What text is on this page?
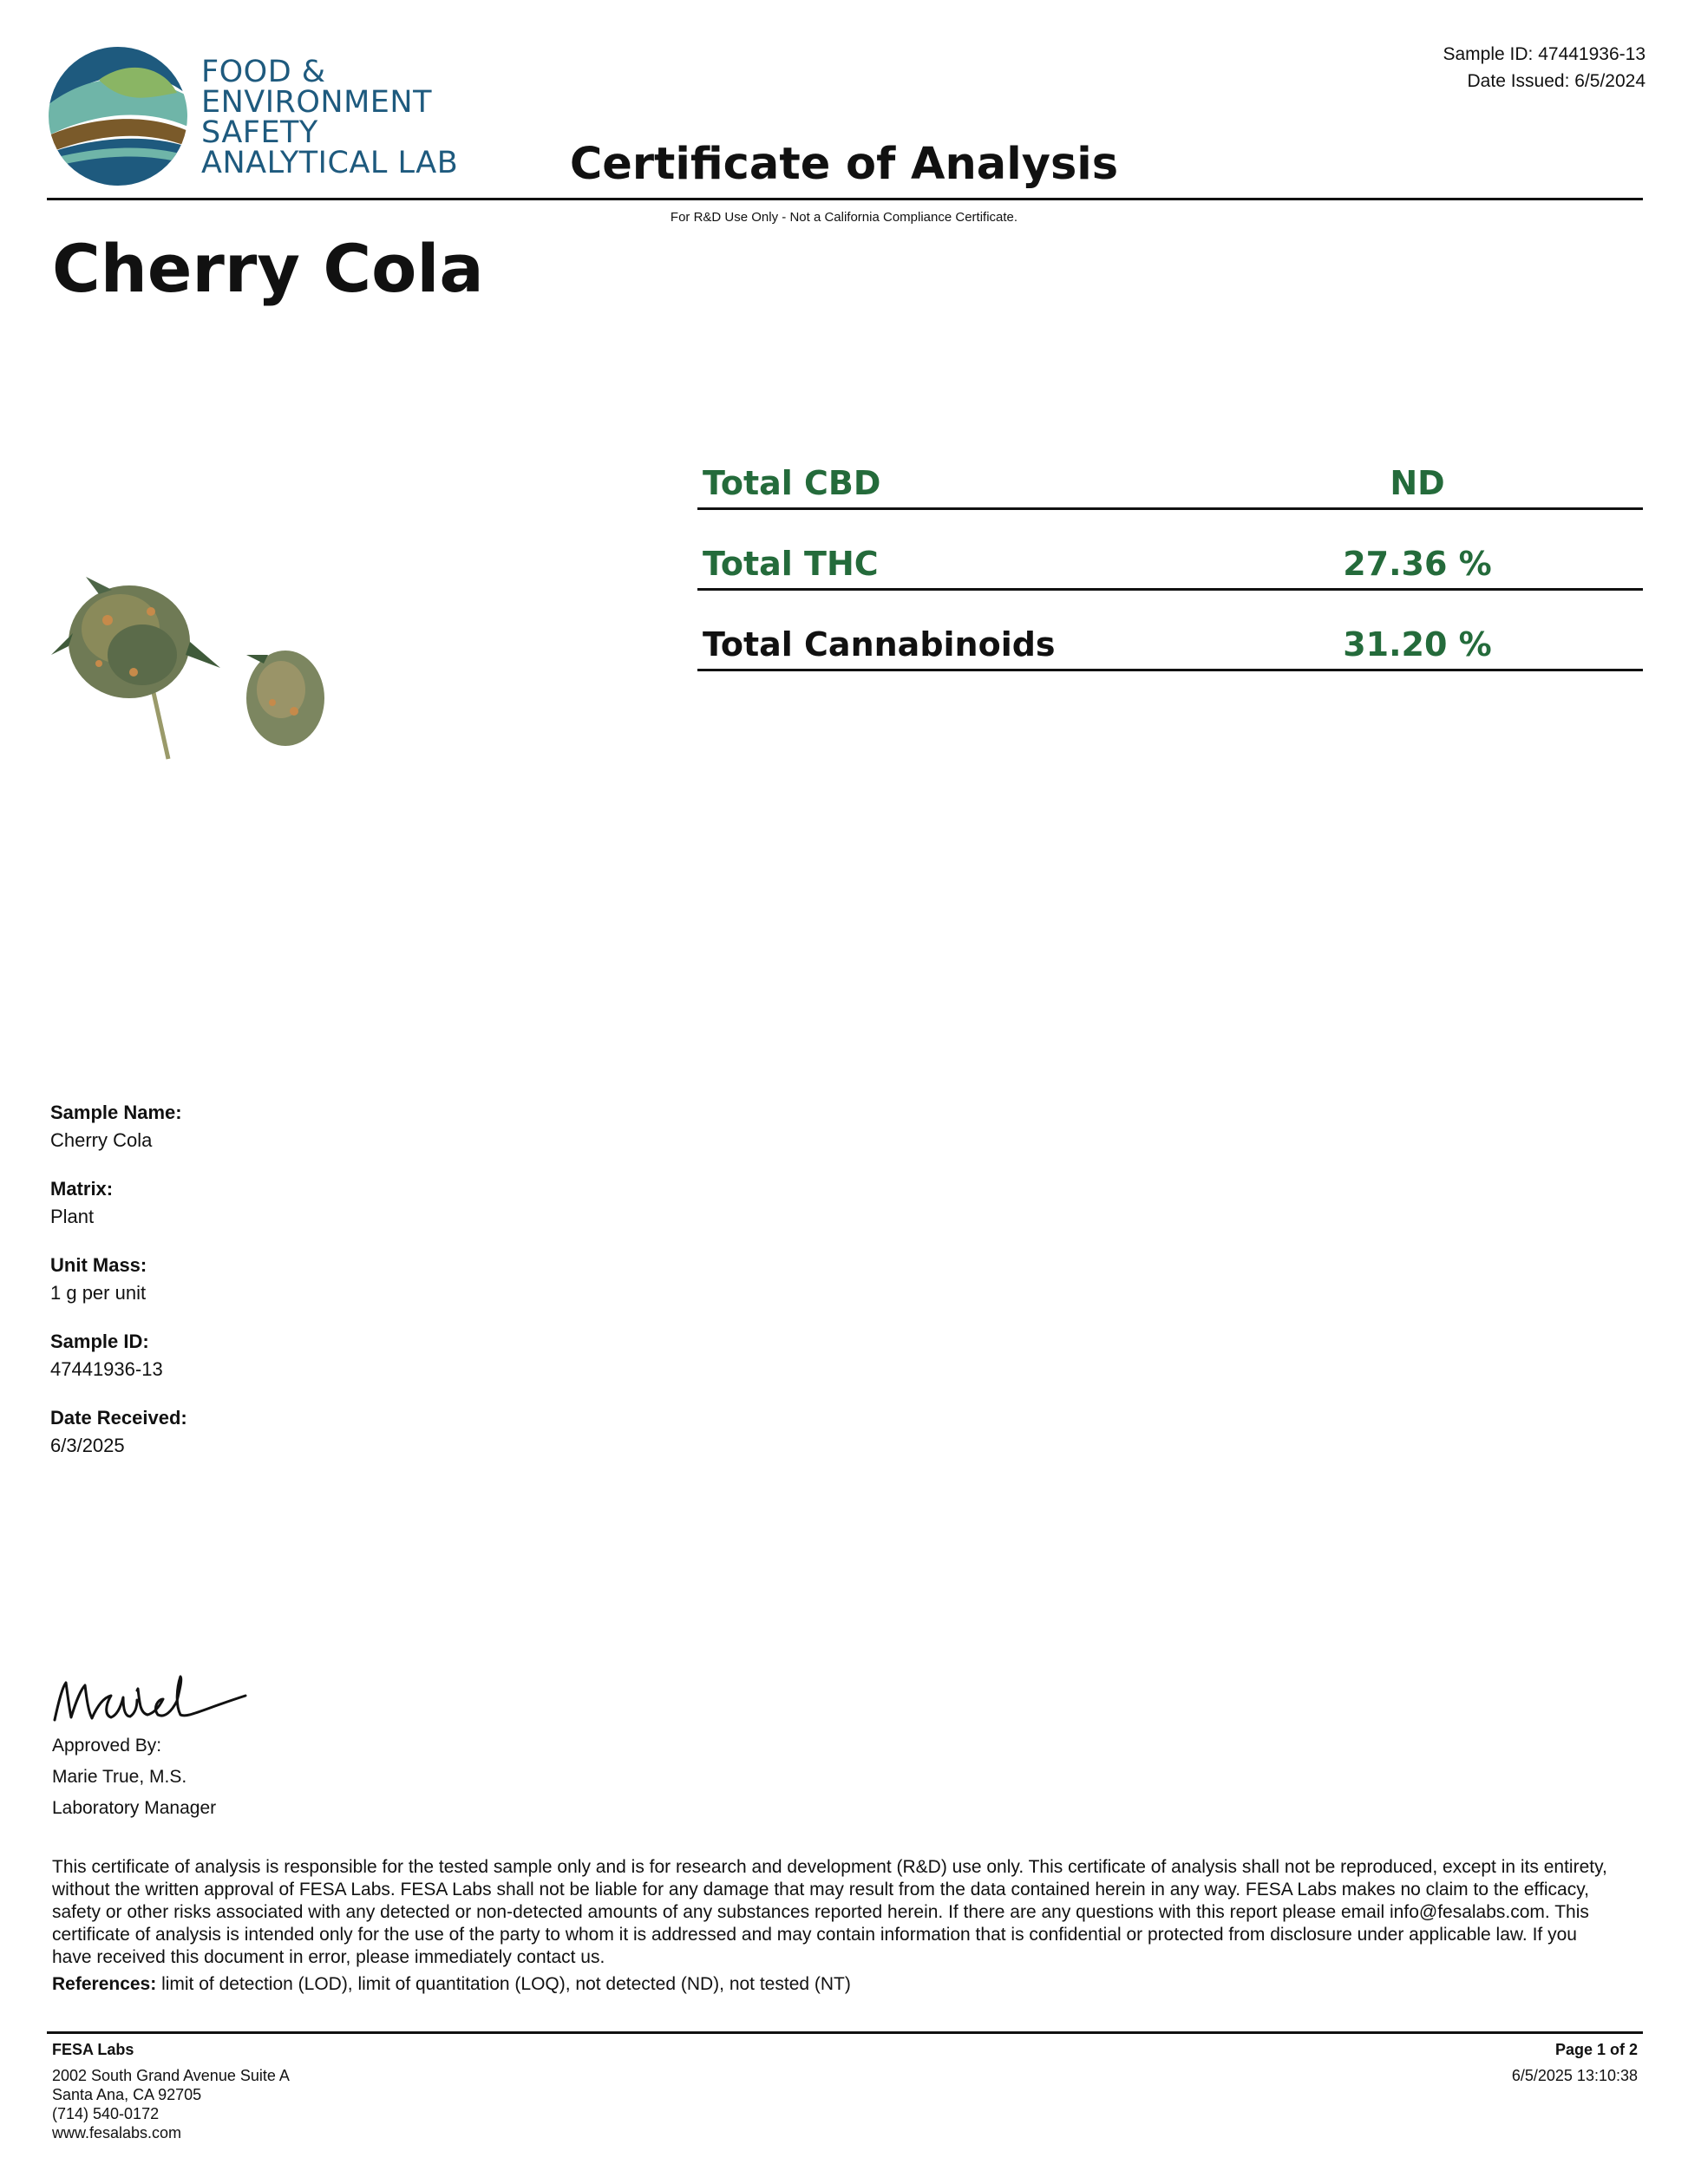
FOOD &
ENVIRONMENT
SAFETY
ANALYTICAL LAB
Sample ID: 47441936-13
Date Issued: 6/5/2024
Certificate of Analysis
For R&D Use Only - Not a California Compliance Certificate.
Cherry Cola
Total CBD	ND
Total THC	27.36 %
Total Cannabinoids	31.20 %
Sample Name:
Cherry Cola
Matrix:
Plant
Unit Mass:
1 g per unit
Sample ID:
47441936-13
Date Received:
6/3/2025
Approved By:
Marie True, M.S.
Laboratory Manager
This certificate of analysis is responsible for the tested sample only and is for research and development (R&D) use only. This certificate of analysis shall not be reproduced, except in its entirety, without the written approval of FESA Labs. FESA Labs shall not be liable for any damage that may result from the data contained herein in any way. FESA Labs makes no claim to the efficacy, safety or other risks associated with any detected or non-detected amounts of any substances reported herein. If there are any questions with this report please email info@fesalabs.com. This certificate of analysis is intended only for the use of the party to whom it is addressed and may contain information that is confidential or protected from disclosure under applicable law. If you have received this document in error, please immediately contact us.
References: limit of detection (LOD), limit of quantitation (LOQ), not detected (ND), not tested (NT)
FESA Labs
2002 South Grand Avenue Suite A
Santa Ana, CA 92705
(714) 540-0172
www.fesalabs.com
Page 1 of 2
6/5/2025 13:10:38
